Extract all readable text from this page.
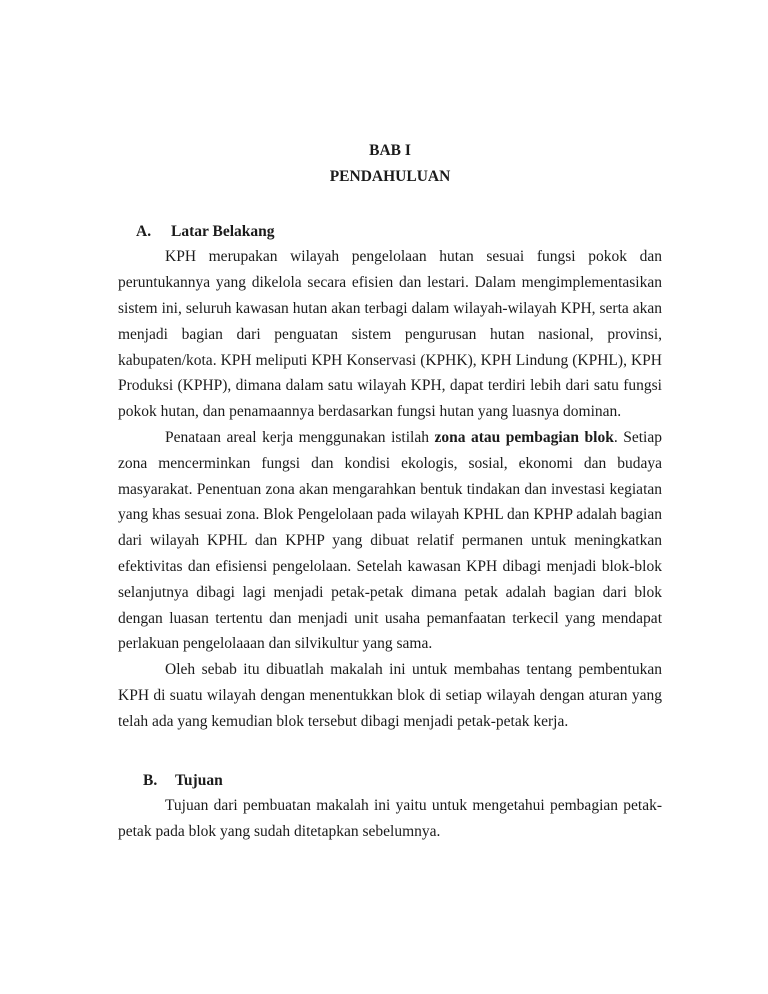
BAB I
PENDAHULUAN
A.	Latar Belakang

KPH merupakan wilayah pengelolaan hutan sesuai fungsi pokok dan peruntukannya yang dikelola secara efisien dan lestari. Dalam mengimplementasikan sistem ini, seluruh kawasan hutan akan terbagi dalam wilayah-wilayah KPH, serta akan menjadi bagian dari penguatan sistem pengurusan hutan nasional, provinsi, kabupaten/kota. KPH meliputi KPH Konservasi (KPHK), KPH Lindung (KPHL), KPH Produksi (KPHP), dimana dalam satu wilayah KPH, dapat terdiri lebih dari satu fungsi pokok hutan, dan penamaannya berdasarkan fungsi hutan yang luasnya dominan.

Penataan areal kerja menggunakan istilah zona atau pembagian blok. Setiap zona mencerminkan fungsi dan kondisi ekologis, sosial, ekonomi dan budaya masyarakat. Penentuan zona akan mengarahkan bentuk tindakan dan investasi kegiatan yang khas sesuai zona. Blok Pengelolaan pada wilayah KPHL dan KPHP adalah bagian dari wilayah KPHL dan KPHP yang dibuat relatif permanen untuk meningkatkan efektivitas dan efisiensi pengelolaan. Setelah kawasan KPH dibagi menjadi blok-blok selanjutnya dibagi lagi menjadi petak-petak dimana petak adalah bagian dari blok dengan luasan tertentu dan menjadi unit usaha pemanfaatan terkecil yang mendapat perlakuan pengelolaaan dan silvikultur yang sama.

Oleh sebab itu dibuatlah makalah ini untuk membahas tentang pembentukan KPH di suatu wilayah dengan menentukkan blok di setiap wilayah dengan aturan yang telah ada yang kemudian blok tersebut dibagi menjadi petak-petak kerja.

B.	Tujuan

Tujuan dari pembuatan makalah ini yaitu untuk mengetahui pembagian petak-petak pada blok yang sudah ditetapkan sebelumnya.
